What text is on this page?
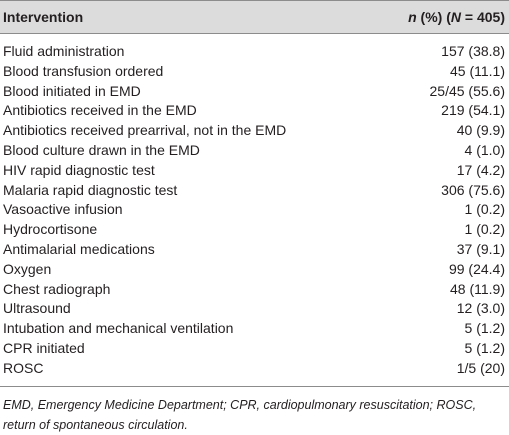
Intervention	n (%) (N = 405)
Fluid administration	157 (38.8)
Blood transfusion ordered	45 (11.1)
Blood initiated in EMD	25/45 (55.6)
Antibiotics received in the EMD	219 (54.1)
Antibiotics received prearrival, not in the EMD	40 (9.9)
Blood culture drawn in the EMD	4 (1.0)
HIV rapid diagnostic test	17 (4.2)
Malaria rapid diagnostic test	306 (75.6)
Vasoactive infusion	1 (0.2)
Hydrocortisone	1 (0.2)
Antimalarial medications	37 (9.1)
Oxygen	99 (24.4)
Chest radiograph	48 (11.9)
Ultrasound	12 (3.0)
Intubation and mechanical ventilation	5 (1.2)
CPR initiated	5 (1.2)
ROSC	1/5 (20)
EMD, Emergency Medicine Department; CPR, cardiopulmonary resuscitation; ROSC, return of spontaneous circulation.
